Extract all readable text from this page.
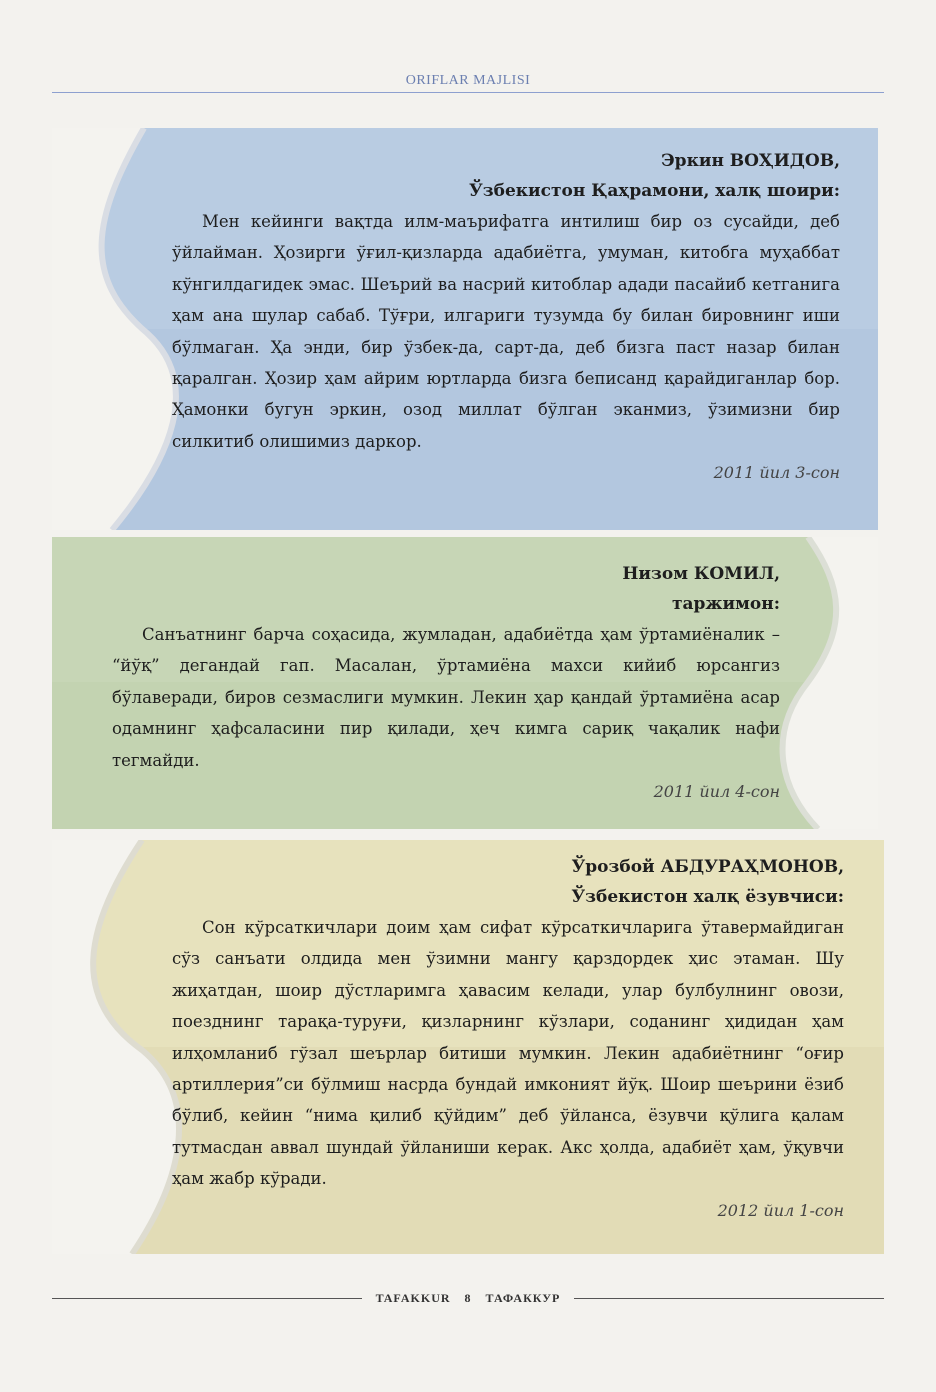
ORIFLAR MAJLISI
Эркин ВОҲИДОВ,
Ўзбекистон Қаҳрамони, халқ шоири:
Мен кейинги вақтда илм-маърифатга интилиш бир оз сусайди, деб ўйлайман. Ҳозирги ўғил-қизларда адабиётга, умуман, китобга муҳаббат кўнгилдагидек эмас. Шеърий ва насрий китоблар адади пасайиб кетганига ҳам ана шулар сабаб. Тўғри, илгариги тузумда бу билан бировнинг иши бўлмаган. Ҳа энди, бир ўзбек-да, сарт-да, деб бизга паст назар билан қаралган. Ҳозир ҳам айрим юртларда бизга беписанд қарайдиганлар бор. Ҳамонки бугун эркин, озод миллат бўлган эканмиз, ўзимизни бир силкитиб олишимиз даркор.
2011 йил 3-сон
Низом КОМИЛ,
таржимон:
Санъатнинг барча соҳасида, жумладан, адабиётда ҳам ўртамиёналик – “йўқ” дегандай гап. Масалан, ўртамиёна махси кийиб юрсангиз бўлаверади, биров сезмаслиги мумкин. Лекин ҳар қандай ўртамиёна асар одамнинг ҳафсаласини пир қилади, ҳеч кимга сариқ чақалик нафи тегмайди.
2011 йил 4-сон
Ўрозбой АБДУРАҲМОНОВ,
Ўзбекистон халқ ёзувчиси:
Сон кўрсаткичлари доим ҳам сифат кўрсаткичларига ўтавермайдиган сўз санъати олдида мен ўзимни мангу қарздордек ҳис этаман. Шу жиҳатдан, шоир дўстларимга ҳавасим келади, улар булбулнинг овози, поезднинг тарақа-туруғи, қизларнинг кўзлари, соданинг ҳидидан ҳам илҳомланиб гўзал шеърлар битиши мумкин. Лекин адабиётнинг “оғир артиллерия”си бўлмиш насрда бундай имконият йўқ. Шоир шеърини ёзиб бўлиб, кейин “нима қилиб қўйдим” деб ўйланса, ёзувчи қўлига қалам тутмасдан аввал шундай ўйланиши керак. Акс ҳолда, адабиёт ҳам, ўқувчи ҳам жабр кўради.
2012 йил 1-сон
TAFAKKUR 8 ТАФАККУР
